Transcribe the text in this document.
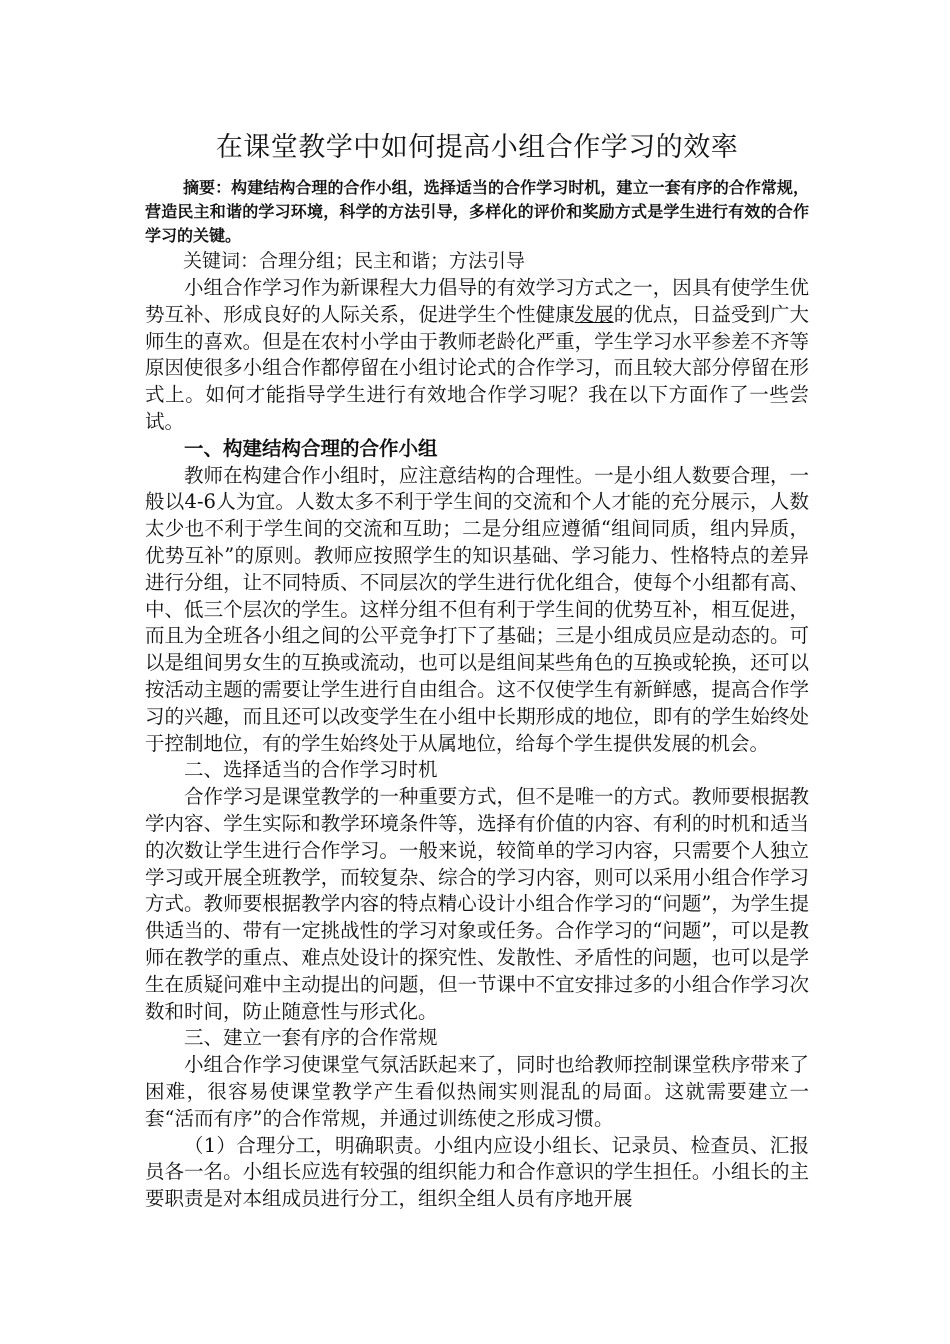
在课堂教学中如何提高小组合作学习的效率

摘要：构建结构合理的合作小组，选择适当的合作学习时机，建立一套有序的合作常规，营造民主和谐的学习环境，科学的方法引导，多样化的评价和奖励方式是学生进行有效的合作学习的关键。

关键词：合理分组；民主和谐；方法引导

小组合作学习作为新课程大力倡导的有效学习方式之一，因具有使学生优势互补、形成良好的人际关系，促进学生个性健康发展的优点，日益受到广大师生的喜欢。但是在农村小学由于教师老龄化严重，学生学习水平参差不齐等原因使很多小组合作都停留在小组讨论式的合作学习，而且较大部分停留在形式上。如何才能指导学生进行有效地合作学习呢？我在以下方面作了一些尝试。

一、构建结构合理的合作小组

教师在构建合作小组时，应注意结构的合理性。一是小组人数要合理，一般以4-6人为宜。人数太多不利于学生间的交流和个人才能的充分展示，人数太少也不利于学生间的交流和互助；二是分组应遵循“组间同质，组内异质，优势互补”的原则。教师应按照学生的知识基础、学习能力、性格特点的差异进行分组，让不同特质、不同层次的学生进行优化组合，使每个小组都有高、中、低三个层次的学生。这样分组不但有利于学生间的优势互补，相互促进，而且为全班各小组之间的公平竞争打下了基础；三是小组成员应是动态的。可以是组间男女生的互换或流动，也可以是组间某些角色的互换或轮换，还可以按活动主题的需要让学生进行自由组合。这不仅使学生有新鲜感，提高合作学习的兴趣，而且还可以改变学生在小组中长期形成的地位，即有的学生始终处于控制地位，有的学生始终处于从属地位，给每个学生提供发展的机会。

二、选择适当的合作学习时机

合作学习是课堂教学的一种重要方式，但不是唯一的方式。教师要根据教学内容、学生实际和教学环境条件等，选择有价值的内容、有利的时机和适当的次数让学生进行合作学习。一般来说，较简单的学习内容，只需要个人独立学习或开展全班教学，而较复杂、综合的学习内容，则可以采用小组合作学习方式。教师要根据教学内容的特点精心设计小组合作学习的“问题”，为学生提供适当的、带有一定挑战性的学习对象或任务。合作学习的“问题”，可以是教师在教学的重点、难点处设计的探究性、发散性、矛盾性的问题，也可以是学生在质疑问难中主动提出的问题，但一节课中不宜安排过多的小组合作学习次数和时间，防止随意性与形式化。

三、建立一套有序的合作常规

小组合作学习使课堂气氛活跃起来了，同时也给教师控制课堂秩序带来了困难，很容易使课堂教学产生看似热闹实则混乱的局面。这就需要建立一套“活而有序”的合作常规，并通过训练使之形成习惯。

（1）合理分工，明确职责。小组内应设小组长、记录员、检查员、汇报员各一名。小组长应选有较强的组织能力和合作意识的学生担任。小组长的主要职责是对本组成员进行分工，组织全组人员有序地开展
